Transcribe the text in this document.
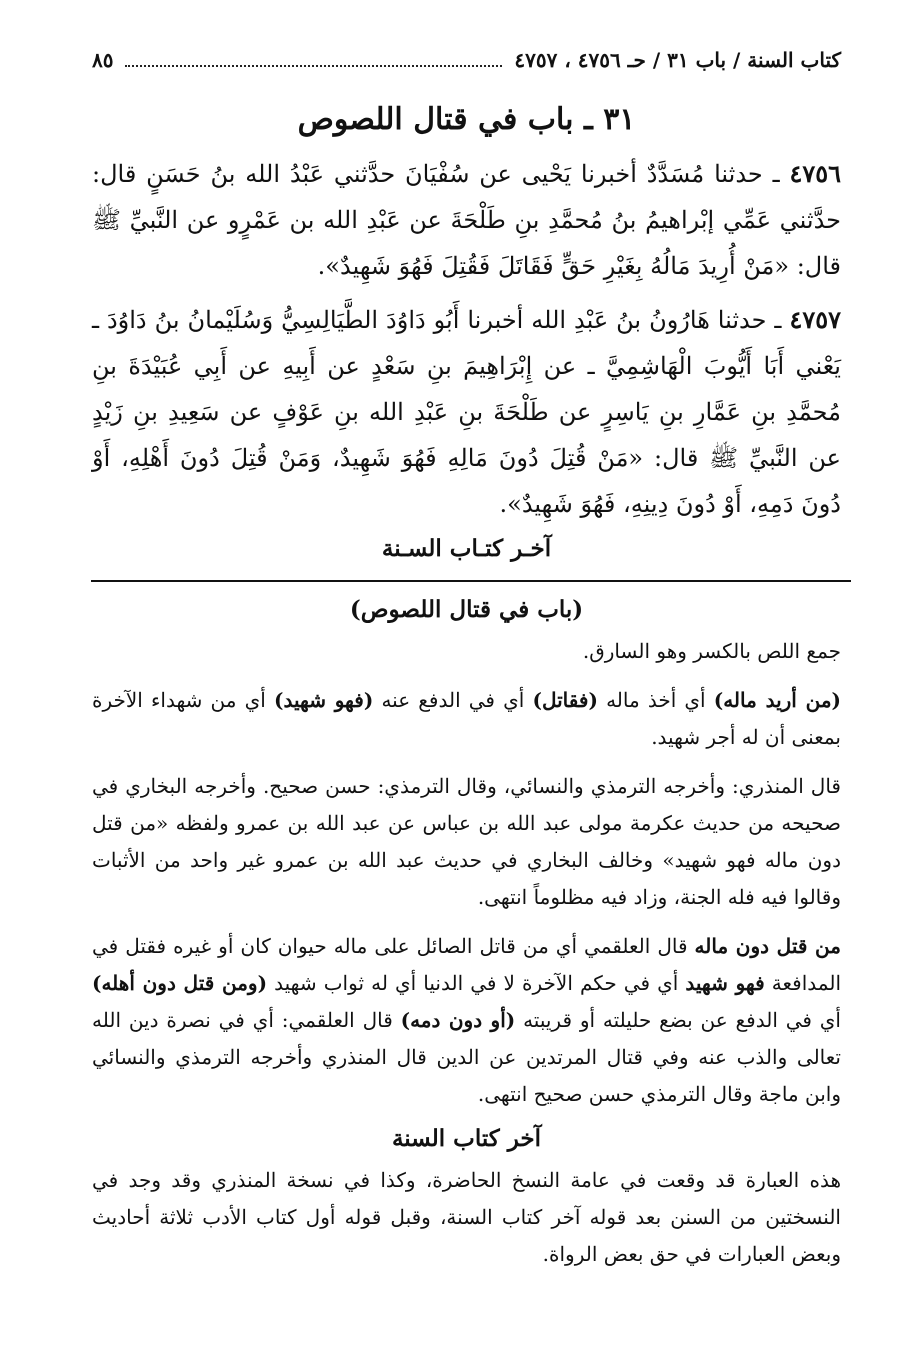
كتاب السنة / باب ٣١ / حـ ٤٧٥٦ ، ٤٧٥٧
٨٥
٣١ ـ باب في قتال اللصوص

٤٧٥٦ ـ حدثنا مُسَدَّدٌ أخبرنا يَحْيى عن سُفْيَانَ حدَّثني عَبْدُ الله بنُ حَسَنٍ قال: حدَّثني عَمِّي إبْراهيمُ بنُ مُحمَّدِ بنِ طَلْحَةَ عن عَبْدِ الله بن عَمْرٍو عن النَّبيِّ ﷺ قال: «مَنْ أُرِيدَ مَالُهُ بِغَيْرِ حَقٍّ فَقَاتَلَ فَقُتِلَ فَهُوَ شَهِيدٌ».

٤٧٥٧ ـ حدثنا هَارُونُ بنُ عَبْدِ الله أخبرنا أَبُو دَاوُدَ الطَّيَالِسِيُّ وَسُلَيْمانُ بنُ دَاوُدَ ـ يَعْني أَبَا أَيُّوبَ الْهَاشِمِيَّ ـ عن إِبْرَاهِيمَ بنِ سَعْدٍ عن أَبِيهِ عن أَبِي عُبَيْدَةَ بنِ مُحمَّدِ بنِ عَمَّارِ بنِ يَاسِرٍ عن طَلْحَةَ بنِ عَبْدِ الله بنِ عَوْفٍ عن سَعِيدِ بنِ زَيْدٍ عن النَّبيِّ ﷺ قال: «مَنْ قُتِلَ دُونَ مَالِهِ فَهُوَ شَهِيدٌ، وَمَنْ قُتِلَ دُونَ أَهْلِهِ، أَوْ دُونَ دَمِهِ، أَوْ دُونَ دِينِهِ، فَهُوَ شَهِيدٌ».

آخـر كتـاب السـنة
(باب في قتال اللصوص)

جمع اللص بالكسر وهو السارق.

(من أريد ماله) أي أخذ ماله (فقاتل) أي في الدفع عنه (فهو شهيد) أي من شهداء الآخرة بمعنى أن له أجر شهيد.

قال المنذري: وأخرجه الترمذي والنسائي، وقال الترمذي: حسن صحيح. وأخرجه البخاري في صحيحه من حديث عكرمة مولى عبد الله بن عباس عن عبد الله بن عمرو ولفظه «من قتل دون ماله فهو شهيد» وخالف البخاري في حديث عبد الله بن عمرو غير واحد من الأثبات وقالوا فيه فله الجنة، وزاد فيه مظلوماً انتهى.

من قتل دون ماله قال العلقمي أي من قاتل الصائل على ماله حيوان كان أو غيره فقتل في المدافعة فهو شهيد أي في حكم الآخرة لا في الدنيا أي له ثواب شهيد (ومن قتل دون أهله) أي في الدفع عن بضع حليلته أو قريبته (أو دون دمه) قال العلقمي: أي في نصرة دين الله تعالى والذب عنه وفي قتال المرتدين عن الدين قال المنذري وأخرجه الترمذي والنسائي وابن ماجة وقال الترمذي حسن صحيح انتهى.

آخر كتاب السنة

هذه العبارة قد وقعت في عامة النسخ الحاضرة، وكذا في نسخة المنذري وقد وجد في النسختين من السنن بعد قوله آخر كتاب السنة، وقبل قوله أول كتاب الأدب ثلاثة أحاديث وبعض العبارات في حق بعض الرواة.
